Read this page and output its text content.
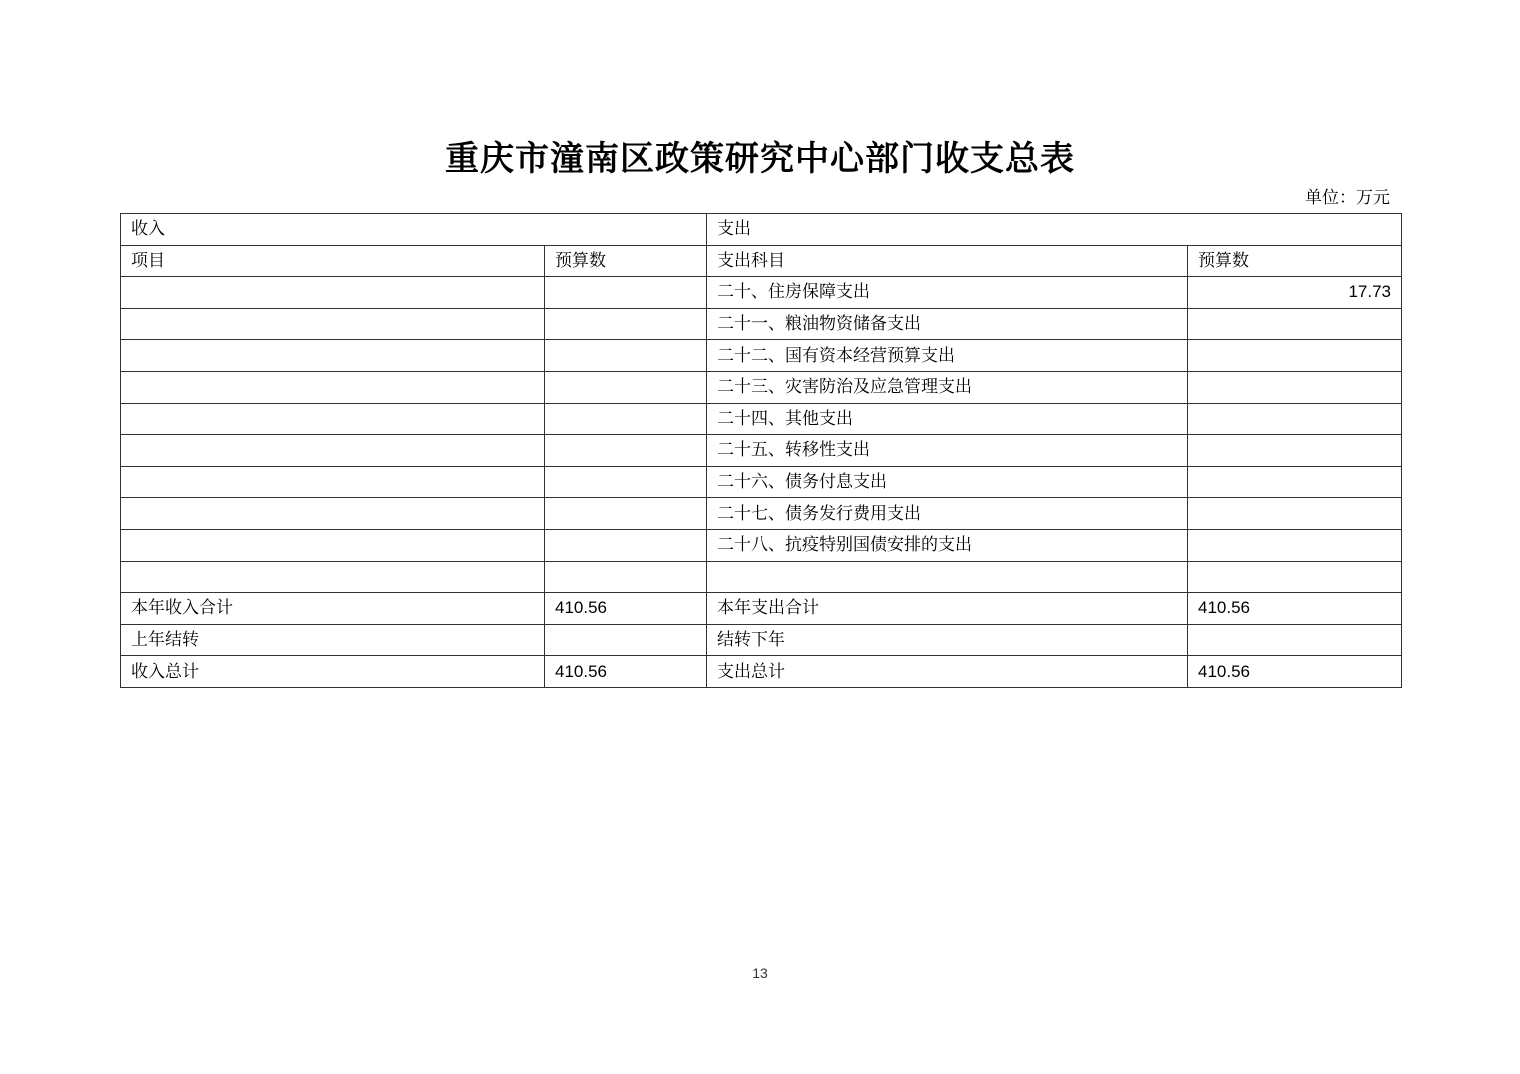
重庆市潼南区政策研究中心部门收支总表
单位：万元
收入		支出	
项目	预算数	支出科目	预算数
		二十、住房保障支出	17.73
		二十一、粮油物资储备支出	
		二十二、国有资本经营预算支出	
		二十三、灾害防治及应急管理支出	
		二十四、其他支出	
		二十五、转移性支出	
		二十六、债务付息支出	
		二十七、债务发行费用支出	
		二十八、抗疫特别国债安排的支出	

本年收入合计	410.56	本年支出合计	410.56
上年结转		结转下年	
收入总计	410.56	支出总计	410.56
13
